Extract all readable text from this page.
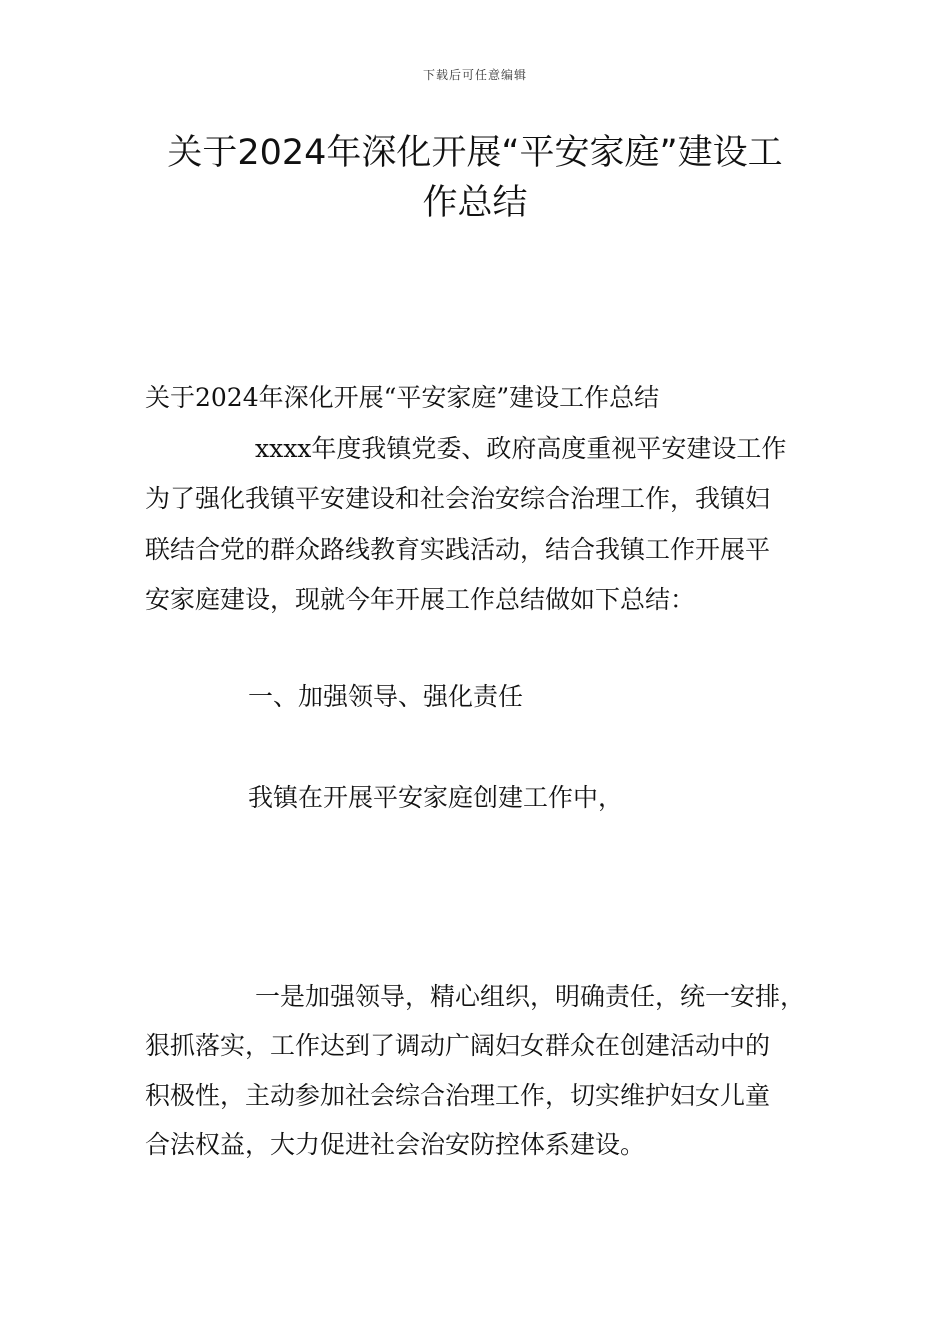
下载后可任意编辑
关于2024年深化开展“平安家庭”建设工
作总结
关于2024年深化开展“平安家庭”建设工作总结
xxxx年度我镇党委、政府高度重视平安建设工作
为了强化我镇平安建设和社会治安综合治理工作，我镇妇
联结合党的群众路线教育实践活动，结合我镇工作开展平
安家庭建设，现就今年开展工作总结做如下总结：
一、加强领导、强化责任
我镇在开展平安家庭创建工作中，
一是加强领导，精心组织，明确责任，统一安排，
狠抓落实，工作达到了调动广阔妇女群众在创建活动中的
积极性，主动参加社会综合治理工作，切实维护妇女儿童
合法权益，大力促进社会治安防控体系建设。
